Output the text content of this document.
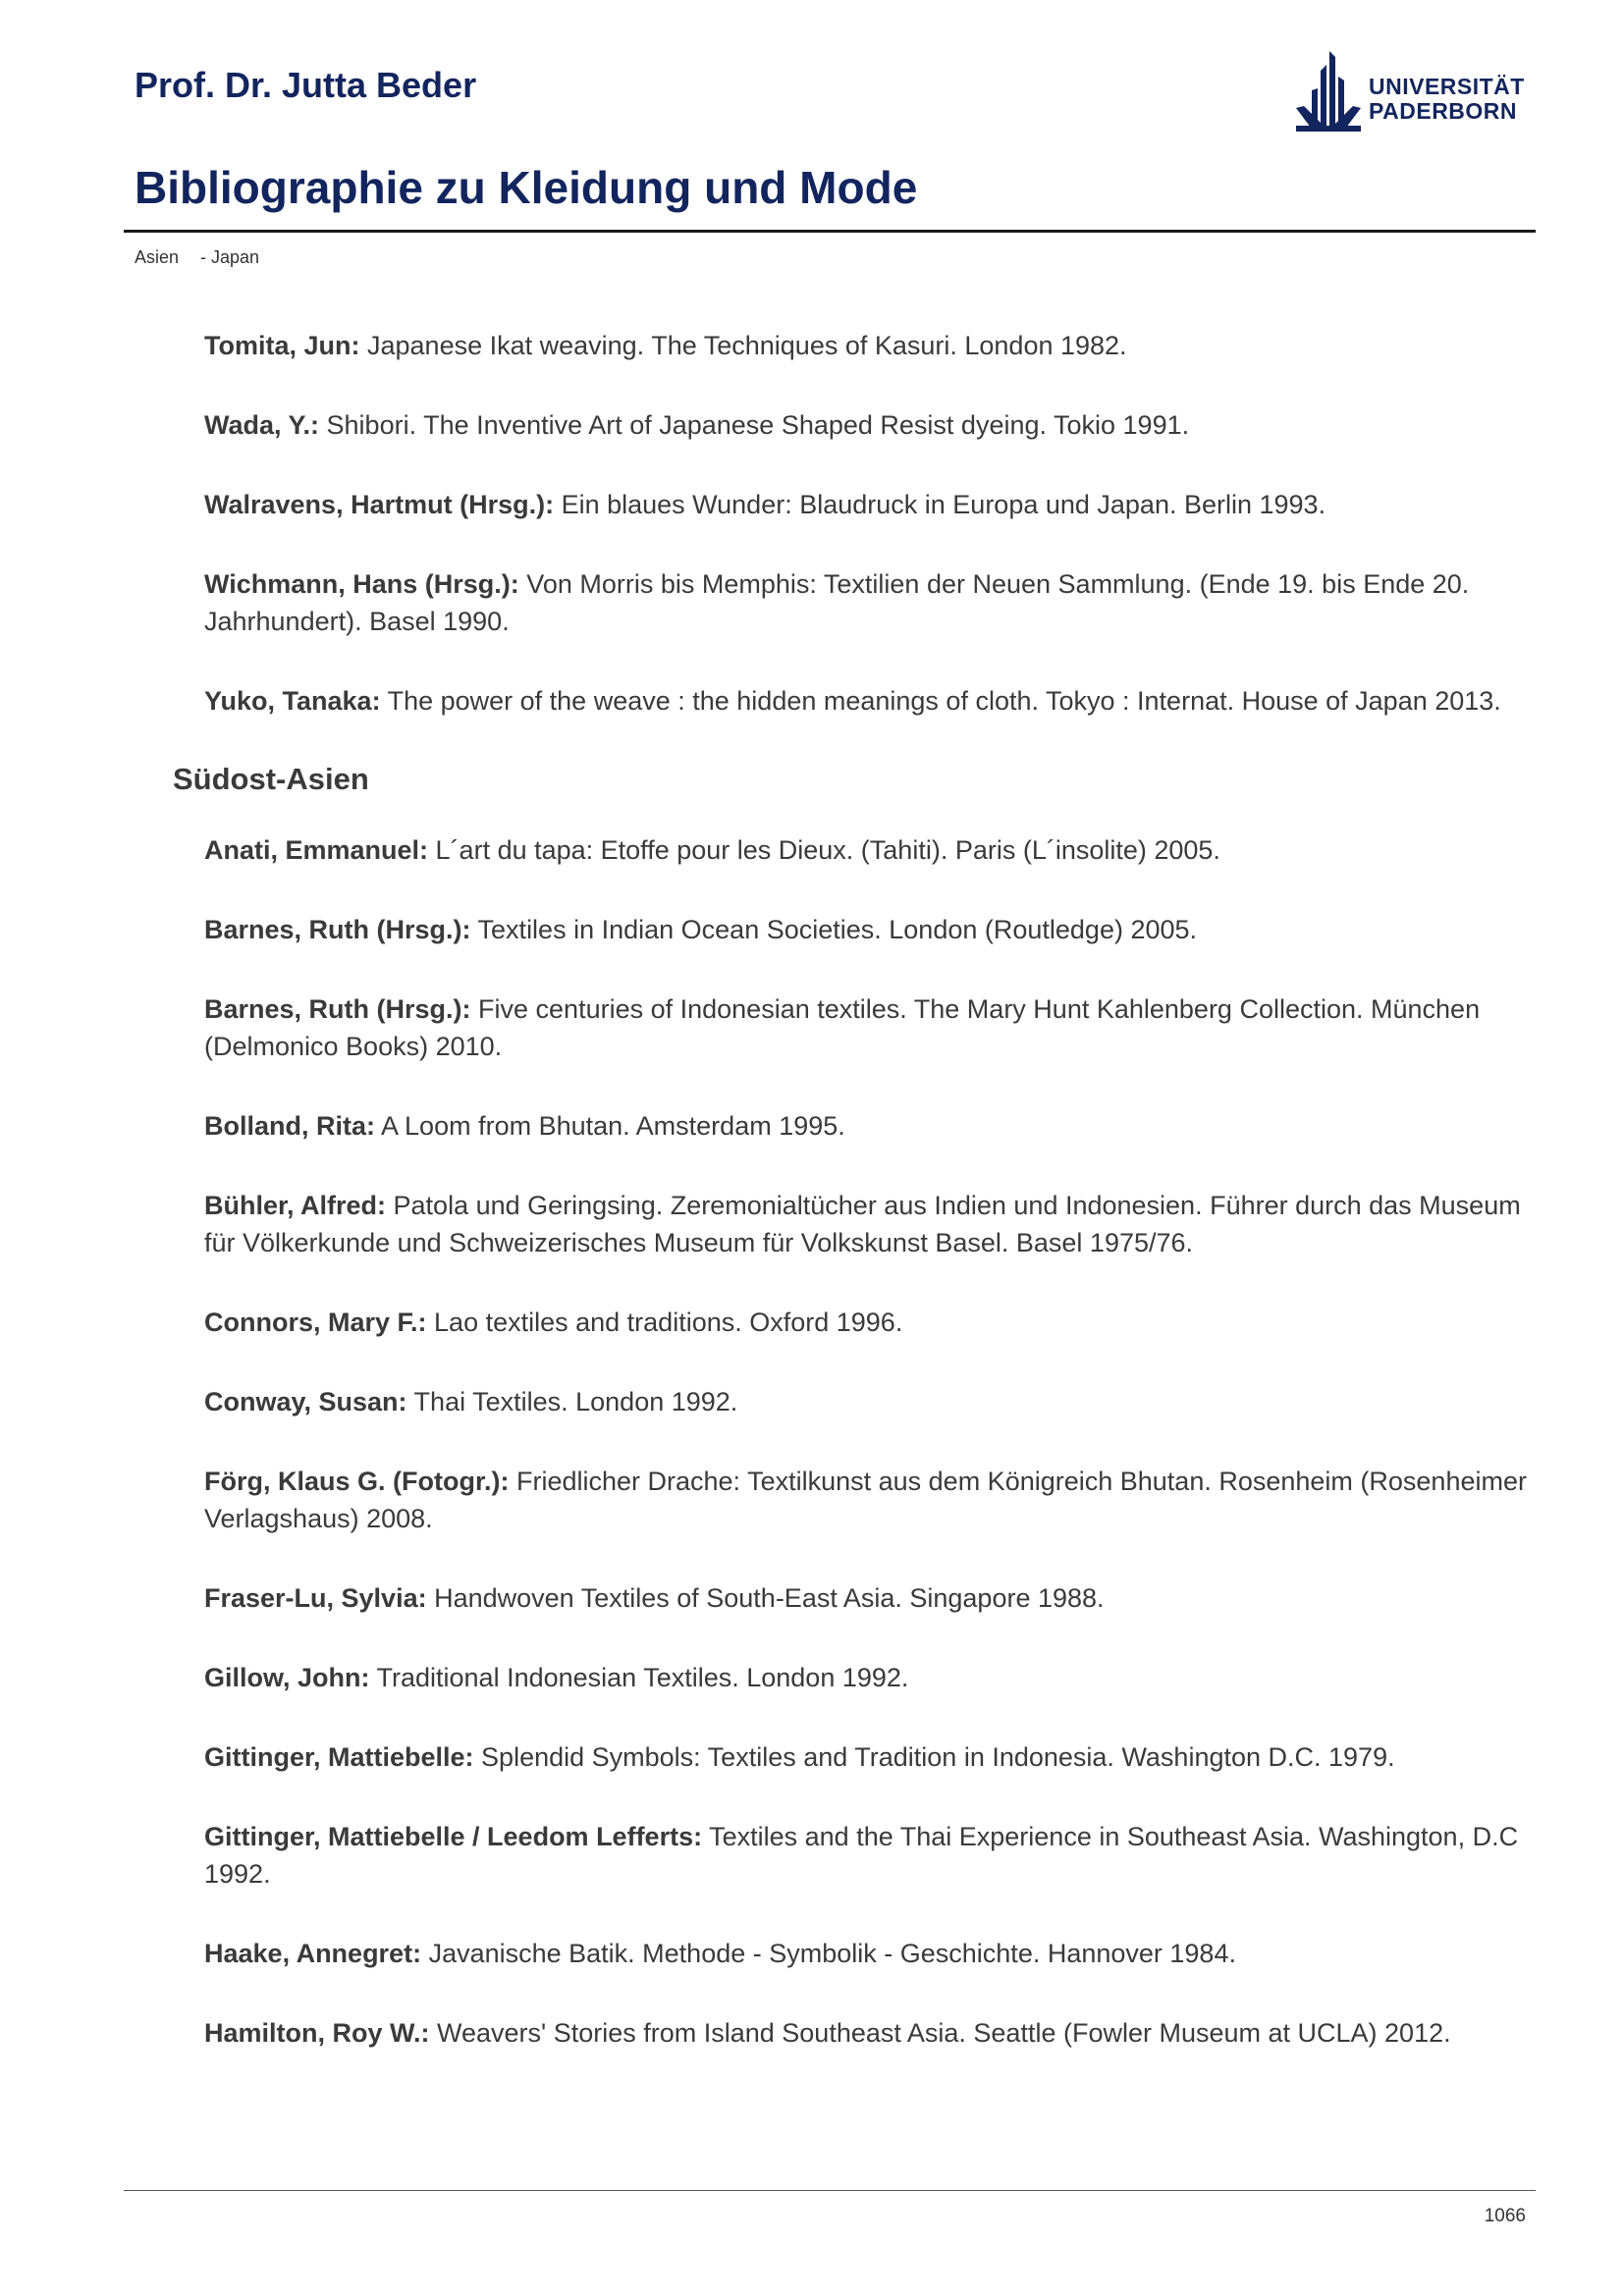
Prof. Dr. Jutta Beder	UNIVERSITÄT
PADERBORN
Bibliographie zu Kleidung und Mode
Asien - Japan

Tomita, Jun: Japanese Ikat weaving. The Techniques of Kasuri. London 1982.

Wada, Y.: Shibori. The Inventive Art of Japanese Shaped Resist dyeing. Tokio 1991.

Walravens, Hartmut (Hrsg.): Ein blaues Wunder: Blaudruck in Europa und Japan. Berlin 1993.

Wichmann, Hans (Hrsg.): Von Morris bis Memphis: Textilien der Neuen Sammlung. (Ende 19. bis Ende 20. Jahrhundert). Basel 1990.

Yuko, Tanaka: The power of the weave : the hidden meanings of cloth. Tokyo : Internat. House of Japan 2013.

Südost-Asien

Anati, Emmanuel: L´art du tapa: Etoffe pour les Dieux. (Tahiti). Paris (L´insolite) 2005.

Barnes, Ruth (Hrsg.): Textiles in Indian Ocean Societies. London (Routledge) 2005.

Barnes, Ruth (Hrsg.): Five centuries of Indonesian textiles. The Mary Hunt Kahlenberg Collection. München (Delmonico Books) 2010.

Bolland, Rita: A Loom from Bhutan. Amsterdam 1995.

Bühler, Alfred: Patola und Geringsing. Zeremonialtücher aus Indien und Indonesien. Führer durch das Museum für Völkerkunde und Schweizerisches Museum für Volkskunst Basel. Basel 1975/76.

Connors, Mary F.: Lao textiles and traditions. Oxford 1996.

Conway, Susan: Thai Textiles. London 1992.

Förg, Klaus G. (Fotogr.): Friedlicher Drache: Textilkunst aus dem Königreich Bhutan. Rosenheim (Rosenheimer Verlagshaus) 2008.

Fraser-Lu, Sylvia: Handwoven Textiles of South-East Asia. Singapore 1988.

Gillow, John: Traditional Indonesian Textiles. London 1992.

Gittinger, Mattiebelle: Splendid Symbols: Textiles and Tradition in Indonesia. Washington D.C. 1979.

Gittinger, Mattiebelle / Leedom Lefferts: Textiles and the Thai Experience in Southeast Asia. Washington, D.C 1992.

Haake, Annegret: Javanische Batik. Methode - Symbolik - Geschichte. Hannover 1984.

Hamilton, Roy W.: Weavers' Stories from Island Southeast Asia. Seattle (Fowler Museum at UCLA) 2012.

1066
